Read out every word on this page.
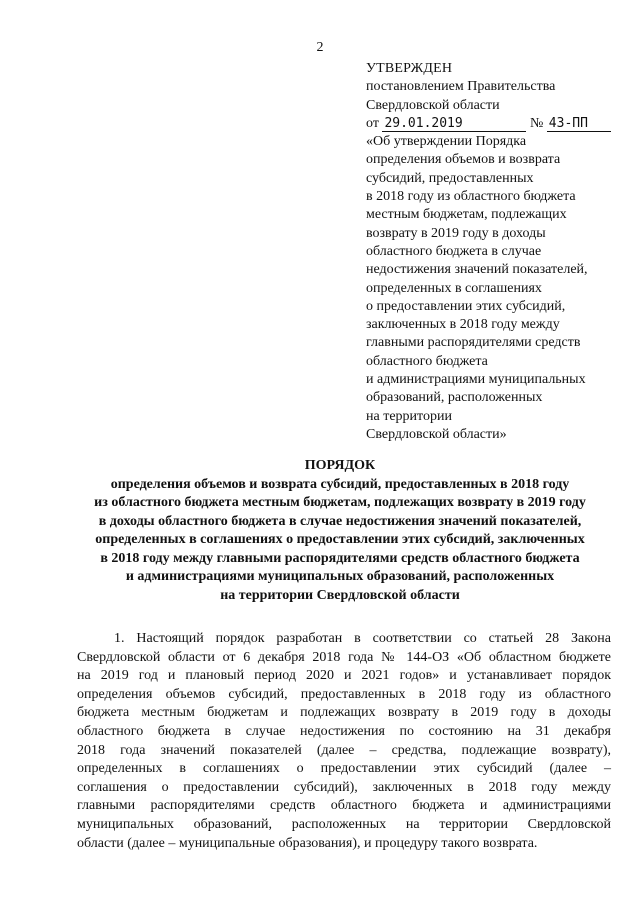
2
УТВЕРЖДЕН
постановлением Правительства
Свердловской области
от 29.01.2019	№ 43-ПП
«Об утверждении Порядка
определения объемов и возврата
субсидий, предоставленных
в 2018 году из областного бюджета
местным бюджетам, подлежащих
возврату в 2019 году в доходы
областного бюджета в случае
недостижения значений показателей,
определенных в соглашениях
о предоставлении этих субсидий,
заключенных в 2018 году между
главными распорядителями средств
областного бюджета
и администрациями муниципальных
образований, расположенных
на территории
Свердловской области»
ПОРЯДОК
определения объемов и возврата субсидий, предоставленных в 2018 году
из областного бюджета местным бюджетам, подлежащих возврату в 2019 году
в доходы областного бюджета в случае недостижения значений показателей,
определенных в соглашениях о предоставлении этих субсидий, заключенных
в 2018 году между главными распорядителями средств областного бюджета
и администрациями муниципальных образований, расположенных
на территории Свердловской области
1. Настоящий порядок разработан в соответствии со статьей 28 Закона
Свердловской области от 6 декабря 2018 года № 144-ОЗ «Об областном бюджете
на 2019 год и плановый период 2020 и 2021 годов» и устанавливает порядок
определения объемов субсидий, предоставленных в 2018 году из областного
бюджета местным бюджетам и подлежащих возврату в 2019 году в доходы
областного бюджета в случае недостижения по состоянию на 31 декабря
2018 года значений показателей (далее – средства, подлежащие возврату),
определенных в соглашениях о предоставлении этих субсидий (далее –
соглашения о предоставлении субсидий), заключенных в 2018 году между
главными распорядителями средств областного бюджета и администрациями
муниципальных образований, расположенных на территории Свердловской
области (далее – муниципальные образования), и процедуру такого возврата.
